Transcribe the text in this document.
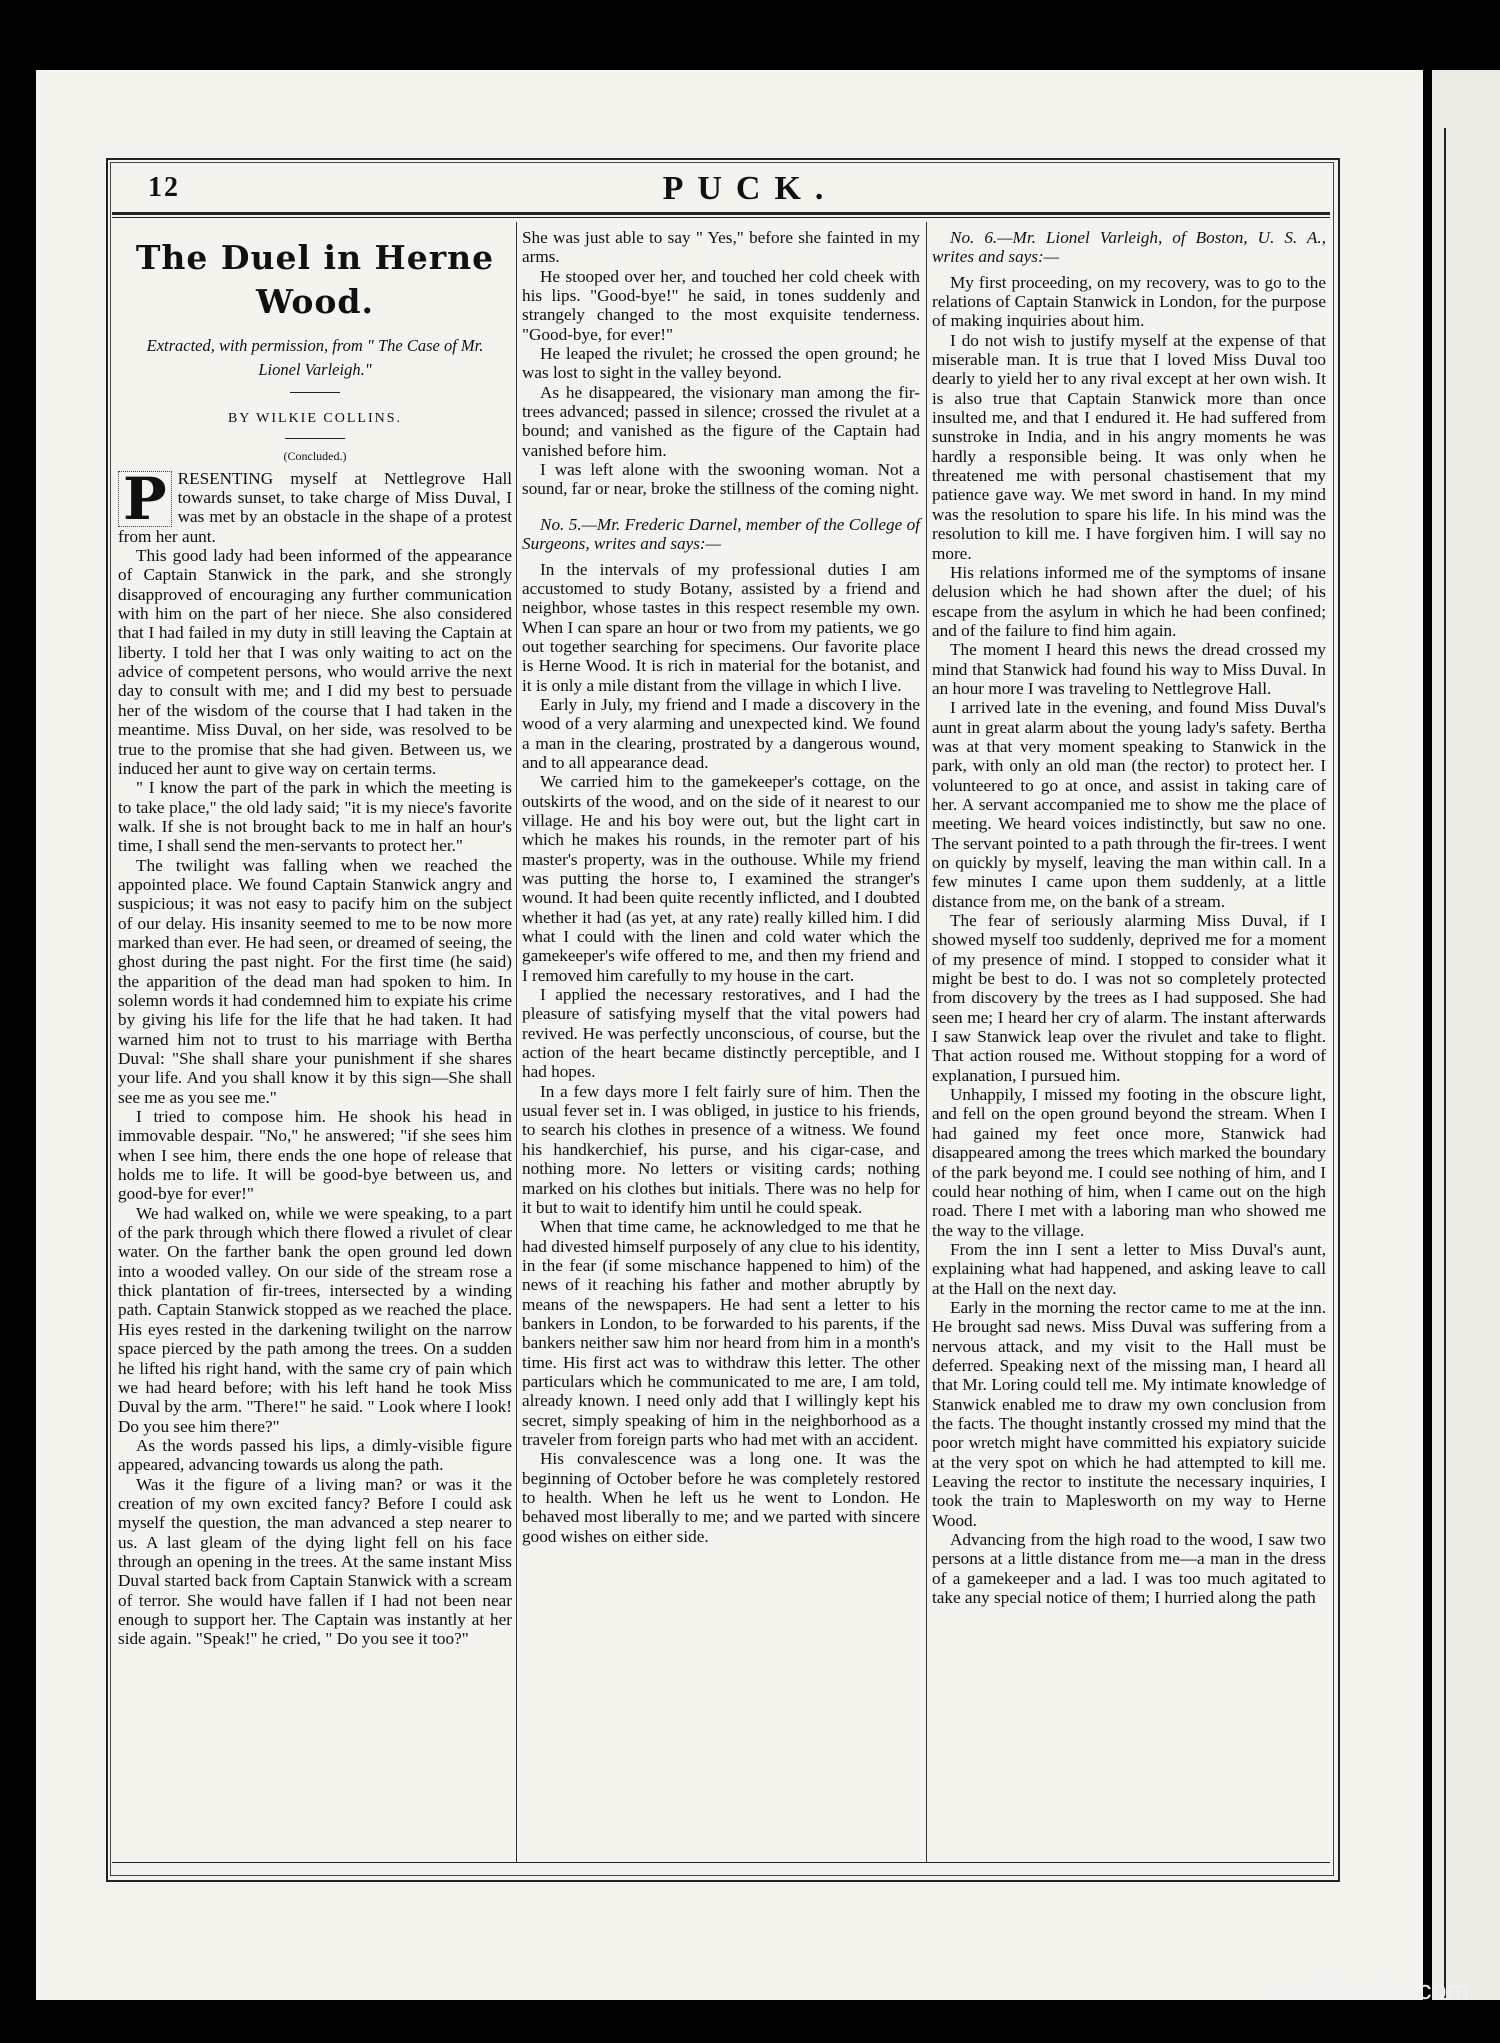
12	PUCK.
The Duel in Herne Wood.
Extracted, with permission, from " The Case of Mr. Lionel Varleigh."
BY WILKIE COLLINS.
(Concluded.)

P RESENTING myself at Nettlegrove Hall towards sunset, to take charge of Miss Duval, I was met by an obstacle in the shape of a protest from her aunt.

This good lady had been informed of the appearance of Captain Stanwick in the park, and she strongly disapproved of encouraging any further communication with him on the part of her niece. She also considered that I had failed in my duty in still leaving the Captain at liberty. I told her that I was only waiting to act on the advice of competent persons, who would arrive the next day to consult with me; and I did my best to persuade her of the wisdom of the course that I had taken in the meantime. Miss Duval, on her side, was resolved to be true to the promise that she had given. Between us, we induced her aunt to give way on certain terms.

" I know the part of the park in which the meeting is to take place," the old lady said; "it is my niece's favorite walk. If she is not brought back to me in half an hour's time, I shall send the men-servants to protect her."

The twilight was falling when we reached the appointed place. We found Captain Stanwick angry and suspicious; it was not easy to pacify him on the subject of our delay. His insanity seemed to me to be now more marked than ever. He had seen, or dreamed of seeing, the ghost during the past night. For the first time (he said) the apparition of the dead man had spoken to him. In solemn words it had condemned him to expiate his crime by giving his life for the life that he had taken. It had warned him not to trust to his marriage with Bertha Duval: "She shall share your punishment if she shares your life. And you shall know it by this sign—She shall see me as you see me."

I tried to compose him. He shook his head in immovable despair. "No," he answered; "if she sees him when I see him, there ends the one hope of release that holds me to life. It will be good-bye between us, and good-bye for ever!"

We had walked on, while we were speaking, to a part of the park through which there flowed a rivulet of clear water. On the farther bank the open ground led down into a wooded valley. On our side of the stream rose a thick plantation of fir-trees, intersected by a winding path. Captain Stanwick stopped as we reached the place. His eyes rested in the darkening twilight on the narrow space pierced by the path among the trees. On a sudden he lifted his right hand, with the same cry of pain which we had heard before; with his left hand he took Miss Duval by the arm. "There!" he said. " Look where I look! Do you see him there?"

As the words passed his lips, a dimly-visible figure appeared, advancing towards us along the path.

Was it the figure of a living man? or was it the creation of my own excited fancy? Before I could ask myself the question, the man advanced a step nearer to us. A last gleam of the dying light fell on his face through an opening in the trees. At the same instant Miss Duval started back from Captain Stanwick with a scream of terror. She would have fallen if I had not been near enough to support her. The Captain was instantly at her side again. "Speak!" he cried, " Do you see it too?"

She was just able to say " Yes," before she fainted in my arms.

He stooped over her, and touched her cold cheek with his lips. "Good-bye!" he said, in tones suddenly and strangely changed to the most exquisite tenderness. "Good-bye, for ever!"

He leaped the rivulet; he crossed the open ground; he was lost to sight in the valley beyond.

As he disappeared, the visionary man among the fir-trees advanced; passed in silence; crossed the rivulet at a bound; and vanished as the figure of the Captain had vanished before him.

I was left alone with the swooning woman. Not a sound, far or near, broke the stillness of the coming night.

No. 5.—Mr. Frederic Darnel, member of the College of Surgeons, writes and says:—

In the intervals of my professional duties I am accustomed to study Botany, assisted by a friend and neighbor, whose tastes in this respect resemble my own. When I can spare an hour or two from my patients, we go out together searching for specimens. Our favorite place is Herne Wood. It is rich in material for the botanist, and it is only a mile distant from the village in which I live.

Early in July, my friend and I made a discovery in the wood of a very alarming and unexpected kind. We found a man in the clearing, prostrated by a dangerous wound, and to all appearance dead.

We carried him to the gamekeeper's cottage, on the outskirts of the wood, and on the side of it nearest to our village. He and his boy were out, but the light cart in which he makes his rounds, in the remoter part of his master's property, was in the outhouse. While my friend was putting the horse to, I examined the stranger's wound. It had been quite recently inflicted, and I doubted whether it had (as yet, at any rate) really killed him. I did what I could with the linen and cold water which the gamekeeper's wife offered to me, and then my friend and I removed him carefully to my house in the cart.

I applied the necessary restoratives, and I had the pleasure of satisfying myself that the vital powers had revived. He was perfectly unconscious, of course, but the action of the heart became distinctly perceptible, and I had hopes.

In a few days more I felt fairly sure of him. Then the usual fever set in. I was obliged, in justice to his friends, to search his clothes in presence of a witness. We found his handkerchief, his purse, and his cigar-case, and nothing more. No letters or visiting cards; nothing marked on his clothes but initials. There was no help for it but to wait to identify him until he could speak.

When that time came, he acknowledged to me that he had divested himself purposely of any clue to his identity, in the fear (if some mischance happened to him) of the news of it reaching his father and mother abruptly by means of the newspapers. He had sent a letter to his bankers in London, to be forwarded to his parents, if the bankers neither saw him nor heard from him in a month's time. His first act was to withdraw this letter. The other particulars which he communicated to me are, I am told, already known. I need only add that I willingly kept his secret, simply speaking of him in the neighborhood as a traveler from foreign parts who had met with an accident.

His convalescence was a long one. It was the beginning of October before he was completely restored to health. When he left us he went to London. He behaved most liberally to me; and we parted with sincere good wishes on either side.

No. 6.—Mr. Lionel Varleigh, of Boston, U. S. A., writes and says:—

My first proceeding, on my recovery, was to go to the relations of Captain Stanwick in London, for the purpose of making inquiries about him.

I do not wish to justify myself at the expense of that miserable man. It is true that I loved Miss Duval too dearly to yield her to any rival except at her own wish. It is also true that Captain Stanwick more than once insulted me, and that I endured it. He had suffered from sunstroke in India, and in his angry moments he was hardly a responsible being. It was only when he threatened me with personal chastisement that my patience gave way. We met sword in hand. In my mind was the resolution to spare his life. In his mind was the resolution to kill me. I have forgiven him. I will say no more.

His relations informed me of the symptoms of insane delusion which he had shown after the duel; of his escape from the asylum in which he had been confined; and of the failure to find him again.

The moment I heard this news the dread crossed my mind that Stanwick had found his way to Miss Duval. In an hour more I was traveling to Nettlegrove Hall.

I arrived late in the evening, and found Miss Duval's aunt in great alarm about the young lady's safety. Bertha was at that very moment speaking to Stanwick in the park, with only an old man (the rector) to protect her. I volunteered to go at once, and assist in taking care of her. A servant accompanied me to show me the place of meeting. We heard voices indistinctly, but saw no one. The servant pointed to a path through the fir-trees. I went on quickly by myself, leaving the man within call. In a few minutes I came upon them suddenly, at a little distance from me, on the bank of a stream.

The fear of seriously alarming Miss Duval, if I showed myself too suddenly, deprived me for a moment of my presence of mind. I stopped to consider what it might be best to do. I was not so completely protected from discovery by the trees as I had supposed. She had seen me; I heard her cry of alarm. The instant afterwards I saw Stanwick leap over the rivulet and take to flight. That action roused me. Without stopping for a word of explanation, I pursued him.

Unhappily, I missed my footing in the obscure light, and fell on the open ground beyond the stream. When I had gained my feet once more, Stanwick had disappeared among the trees which marked the boundary of the park beyond me. I could see nothing of him, and I could hear nothing of him, when I came out on the high road. There I met with a laboring man who showed me the way to the village.

From the inn I sent a letter to Miss Duval's aunt, explaining what had happened, and asking leave to call at the Hall on the next day.

Early in the morning the rector came to me at the inn. He brought sad news. Miss Duval was suffering from a nervous attack, and my visit to the Hall must be deferred. Speaking next of the missing man, I heard all that Mr. Loring could tell me. My intimate knowledge of Stanwick enabled me to draw my own conclusion from the facts. The thought instantly crossed my mind that the poor wretch might have committed his expiatory suicide at the very spot on which he had attempted to kill me. Leaving the rector to institute the necessary inquiries, I took the train to Maplesworth on my way to Herne Wood.

Advancing from the high road to the wood, I saw two persons at a little distance from me—a man in the dress of a gamekeeper and a lad. I was too much agitated to take any special notice of them; I hurried along the path

comicbooks.com
